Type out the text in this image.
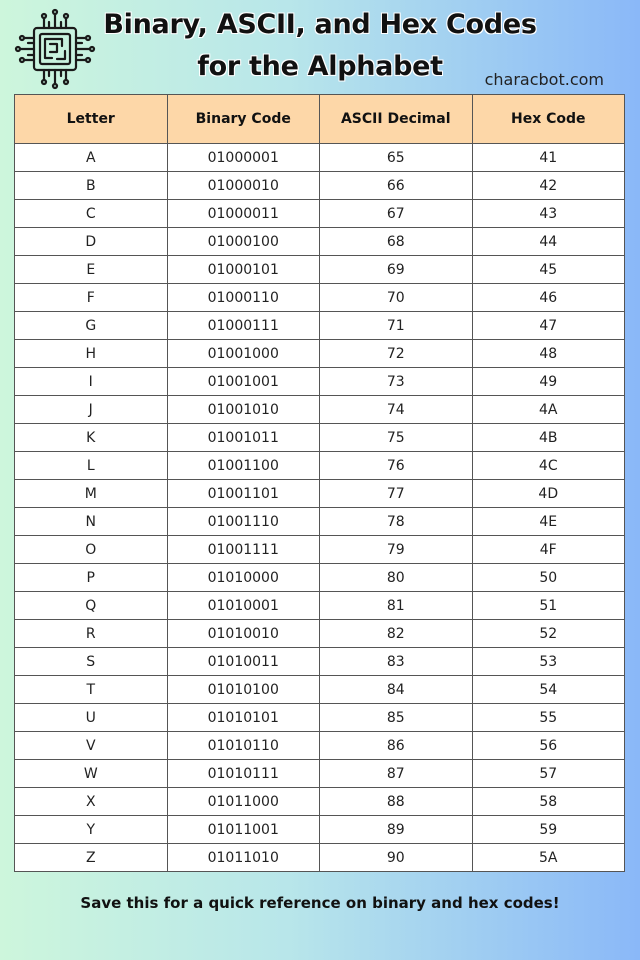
Binary, ASCII, and Hex Codes
for the Alphabet	characbot.com
Letter	Binary Code	ASCII Decimal	Hex Code
A	01000001	65	41
B	01000010	66	42
C	01000011	67	43
D	01000100	68	44
E	01000101	69	45
F	01000110	70	46
G	01000111	71	47
H	01001000	72	48
I	01001001	73	49
J	01001010	74	4A
K	01001011	75	4B
L	01001100	76	4C
M	01001101	77	4D
N	01001110	78	4E
O	01001111	79	4F
P	01010000	80	50
Q	01010001	81	51
R	01010010	82	52
S	01010011	83	53
T	01010100	84	54
U	01010101	85	55
V	01010110	86	56
W	01010111	87	57
X	01011000	88	58
Y	01011001	89	59
Z	01011010	90	5A
Save this for a quick reference on binary and hex codes!
